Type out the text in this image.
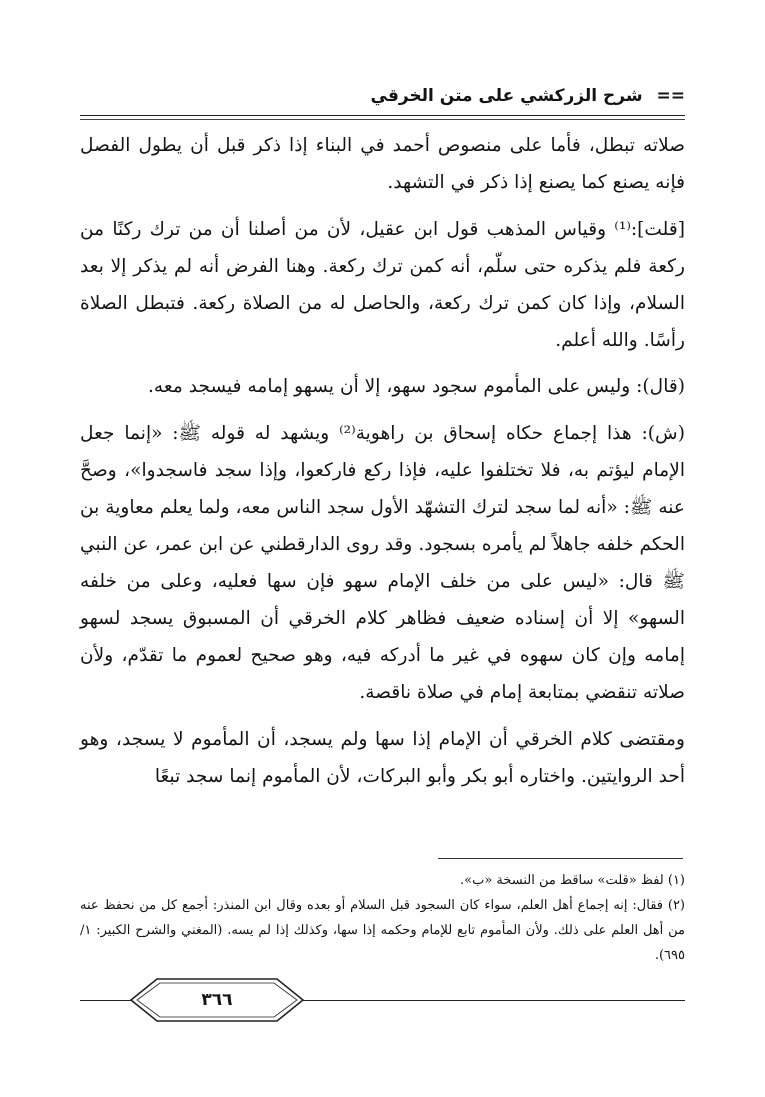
== شرح الزركشي على متن الخرقي

صلاته تبطل، فأما على منصوص أحمد في البناء إذا ذكر قبل أن يطول الفصل فإنه يصنع كما يصنع إذا ذكر في التشهد.

[قلت]:⁽¹⁾ وقياس المذهب قول ابن عقيل، لأن من أصلنا أن من ترك ركنًا من ركعة فلم يذكره حتى سلّم، أنه كمن ترك ركعة. وهنا الفرض أنه لم يذكر إلا بعد السلام، وإذا كان كمن ترك ركعة، والحاصل له من الصلاة ركعة. فتبطل الصلاة رأسًا. والله أعلم.

(قال): وليس على المأموم سجود سهو، إلا أن يسهو إمامه فيسجد معه.

(ش): هذا إجماع حكاه إسحاق بن راهوية⁽²⁾ ويشهد له قوله ﷺ: «إنما جعل الإمام ليؤتم به، فلا تختلفوا عليه، فإذا ركع فاركعوا، وإذا سجد فاسجدوا»، وصحَّ عنه ﷺ: «أنه لما سجد لترك التشهّد الأول سجد الناس معه، ولما يعلم معاوية بن الحكم خلفه جاهلاً لم يأمره بسجود. وقد روى الدارقطني عن ابن عمر، عن النبي ﷺ قال: «ليس على من خلف الإمام سهو فإن سها فعليه، وعلى من خلفه السهو» إلا أن إسناده ضعيف فظاهر كلام الخرقي أن المسبوق يسجد لسهو إمامه وإن كان سهوه في غير ما أدركه فيه، وهو صحيح لعموم ما تقدّم، ولأن صلاته تنقضي بمتابعة إمام في صلاة ناقصة.

ومقتضى كلام الخرقي أن الإمام إذا سها ولم يسجد، أن المأموم لا يسجد، وهو أحد الروايتين. واختاره أبو بكر وأبو البركات، لأن المأموم إنما سجد تبعًا

(١) لفظ «قلت» ساقط من النسخة «ب».

(٢) فقال: إنه إجماع أهل العلم، سواء كان السجود قبل السلام أو بعده وقال ابن المنذر: أجمع كل من نحفظ عنه من أهل العلم على ذلك. ولأن المأموم تابع للإمام وحكمه إذا سها، وكذلك إذا لم يسه. (المغني والشرح الكبير: ١/ ٦٩٥).

٣٦٦
